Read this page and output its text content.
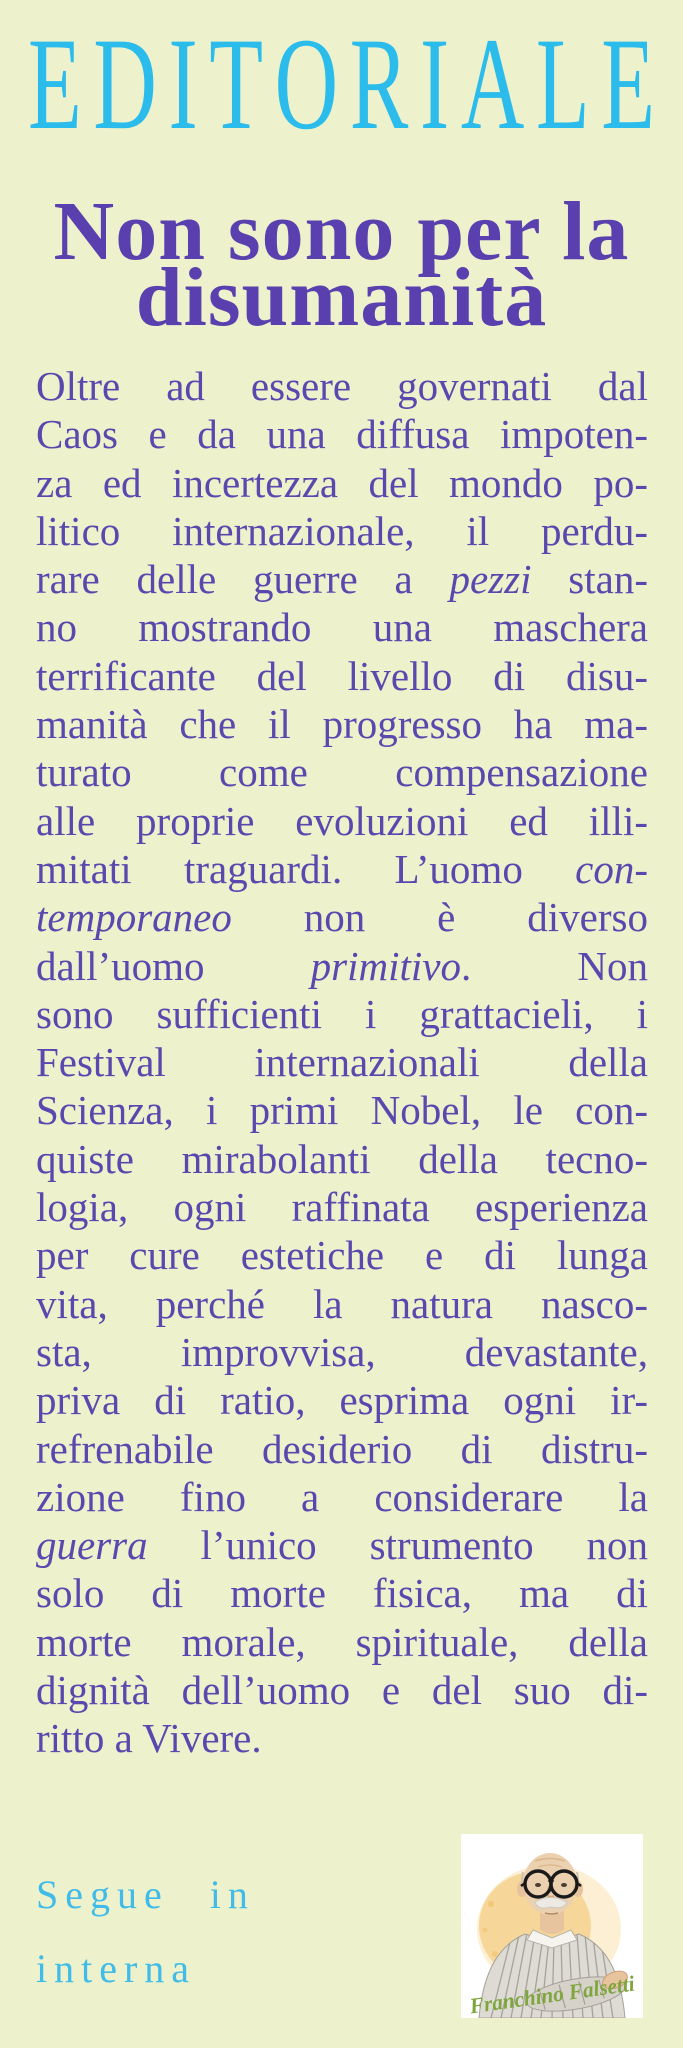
E D I T O R I A L E
Non sono per la
disumanità
Oltre ad essere governati dal
Caos e da una diffusa impoten-
za ed incertezza del mondo po-
litico internazionale, il perdu-
rare delle guerre a pezzi stan-
no mostrando una maschera
terrificante del livello di disu-
manità che il progresso ha ma-
turato come compensazione
alle proprie evoluzioni ed illi-
mitati traguardi. L’uomo con-
temporaneo non è diverso
dall’uomo primitivo. Non
sono sufficienti i grattacieli, i
Festival internazionali della
Scienza, i primi Nobel, le con-
quiste mirabolanti della tecno-
logia, ogni raffinata esperienza
per cure estetiche e di lunga
vita, perché la natura nasco-
sta, improvvisa, devastante,
priva di ratio, esprima ogni ir-
refrenabile desiderio di distru-
zione fino a considerare la
guerra l’unico strumento non
solo di morte fisica, ma di
morte morale, spirituale, della
dignità dell’uomo e del suo di-
ritto a Vivere.
Segue in
interna
Franchino Falsetti
